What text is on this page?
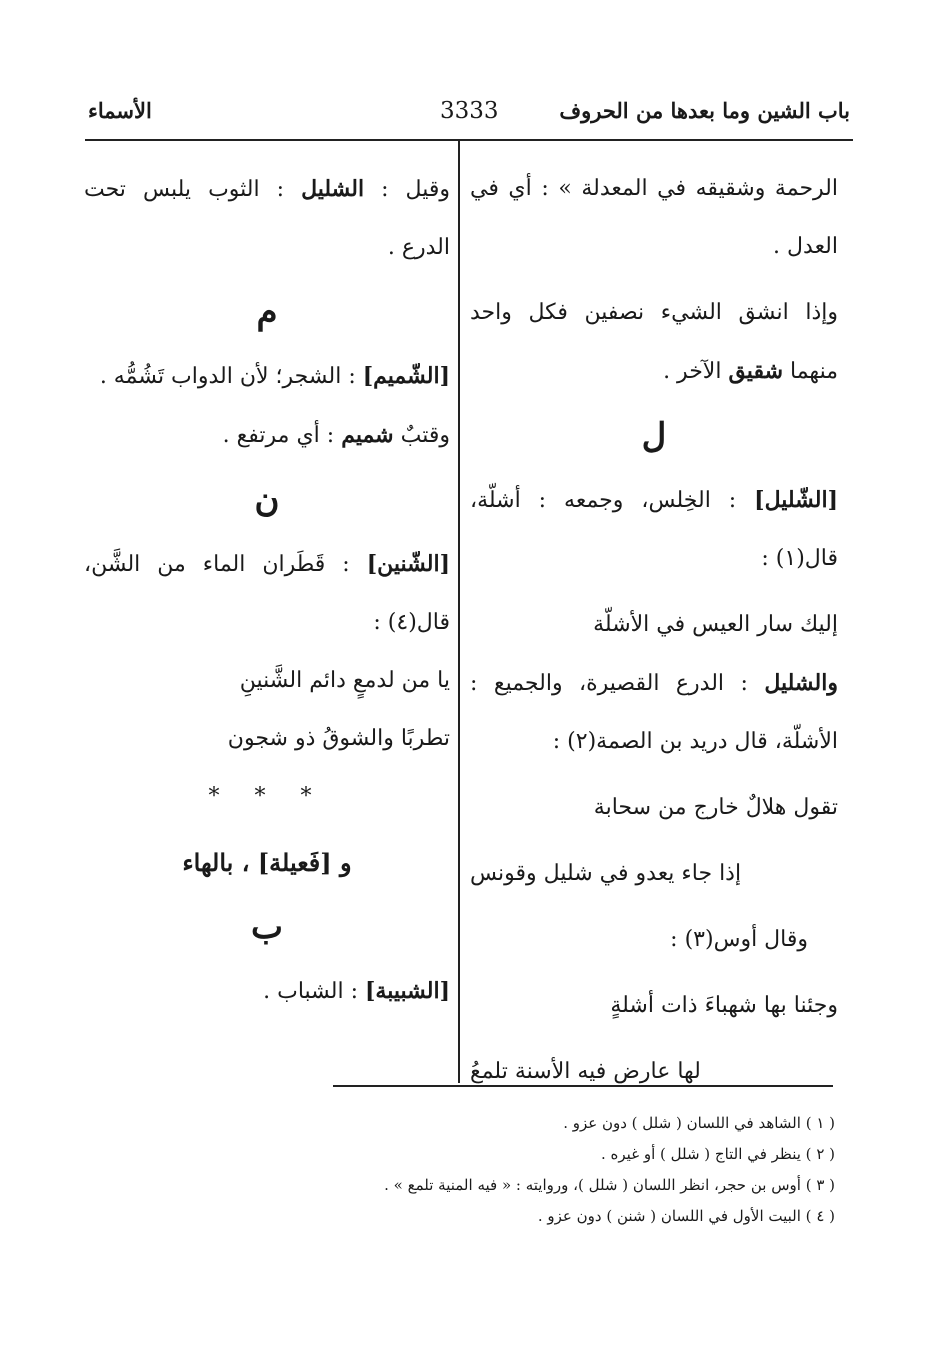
باب الشين وما بعدها من الحروف
3333
الأسماء

الرحمة وشقيقه في المعدلة » : أي في

العدل .

وإذا انشق الشيء نصفين فكل واحد

منهما شقيق الآخر .

ل

[الشّليل] : الخِلس، وجمعه : أشلّة،

قال(١) :

إليك سار العيس في الأشلّة

والشليل : الدرع القصيرة، والجميع :

الأشلّة، قال دريد بن الصمة(٢) :

تقول هلالٌ خارج من سحابة

إذا جاء يعدو في شليل وقونس

وقال أوس(٣) :

وجئنا بها شهباءَ ذات أشلةٍ

لها عارض فيه الأسنة تلمعُ

وقيل : الشليل : الثوب يلبس تحت

الدرع .

م

[الشّميم] : الشجر؛ لأن الدواب تَشُمُّه .

وقتبٌ شميم : أي مرتفع .

ن

[الشّنين] : قَطَران الماء من الشَّن،

قال(٤) :

يا من لدمعٍ دائم الشَّنينِ

تطربًا والشوقُ ذو شجون

* * *
و [فَعيلة] ، بالهاء
ب

[الشبيبة] : الشباب .

( ١ ) الشاهد في اللسان ( شلل ) دون عزو .

( ٢ ) ينظر في التاج ( شلل ) أو غيره .

( ٣ ) أوس بن حجر، انظر اللسان ( شلل )، وروايته : « فيه المنية تلمع » .

( ٤ ) البيت الأول في اللسان ( شنن ) دون عزو .
